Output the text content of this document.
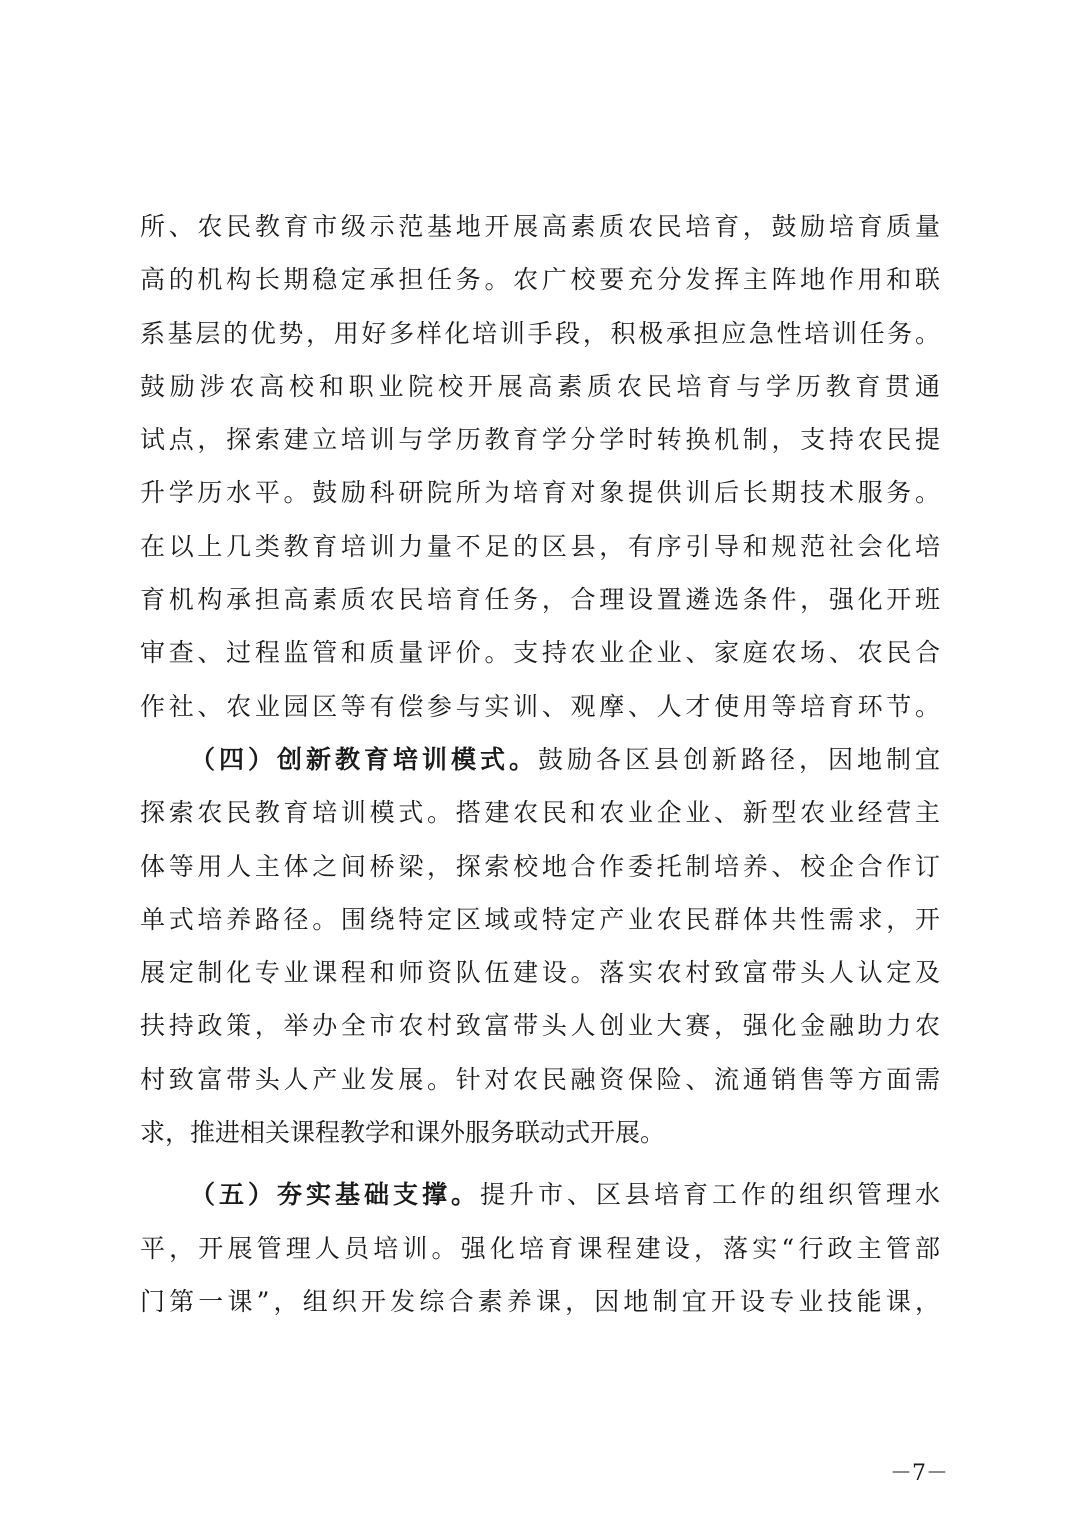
所、农民教育市级示范基地开展高素质农民培育，鼓励培育质量
高的机构长期稳定承担任务。农广校要充分发挥主阵地作用和联
系基层的优势，用好多样化培训手段，积极承担应急性培训任务。
鼓励涉农高校和职业院校开展高素质农民培育与学历教育贯通
试点，探索建立培训与学历教育学分学时转换机制，支持农民提
升学历水平。鼓励科研院所为培育对象提供训后长期技术服务。
在以上几类教育培训力量不足的区县，有序引导和规范社会化培
育机构承担高素质农民培育任务，合理设置遴选条件，强化开班
审查、过程监管和质量评价。支持农业企业、家庭农场、农民合
作社、农业园区等有偿参与实训、观摩、人才使用等培育环节。
（四）创新教育培训模式。鼓励各区县创新路径，因地制宜
探索农民教育培训模式。搭建农民和农业企业、新型农业经营主
体等用人主体之间桥梁，探索校地合作委托制培养、校企合作订
单式培养路径。围绕特定区域或特定产业农民群体共性需求，开
展定制化专业课程和师资队伍建设。落实农村致富带头人认定及
扶持政策，举办全市农村致富带头人创业大赛，强化金融助力农
村致富带头人产业发展。针对农民融资保险、流通销售等方面需
求，推进相关课程教学和课外服务联动式开展。
（五）夯实基础支撑。提升市、区县培育工作的组织管理水
平，开展管理人员培训。强化培育课程建设，落实“行政主管部
门第一课”，组织开发综合素养课，因地制宜开设专业技能课，
－7－
